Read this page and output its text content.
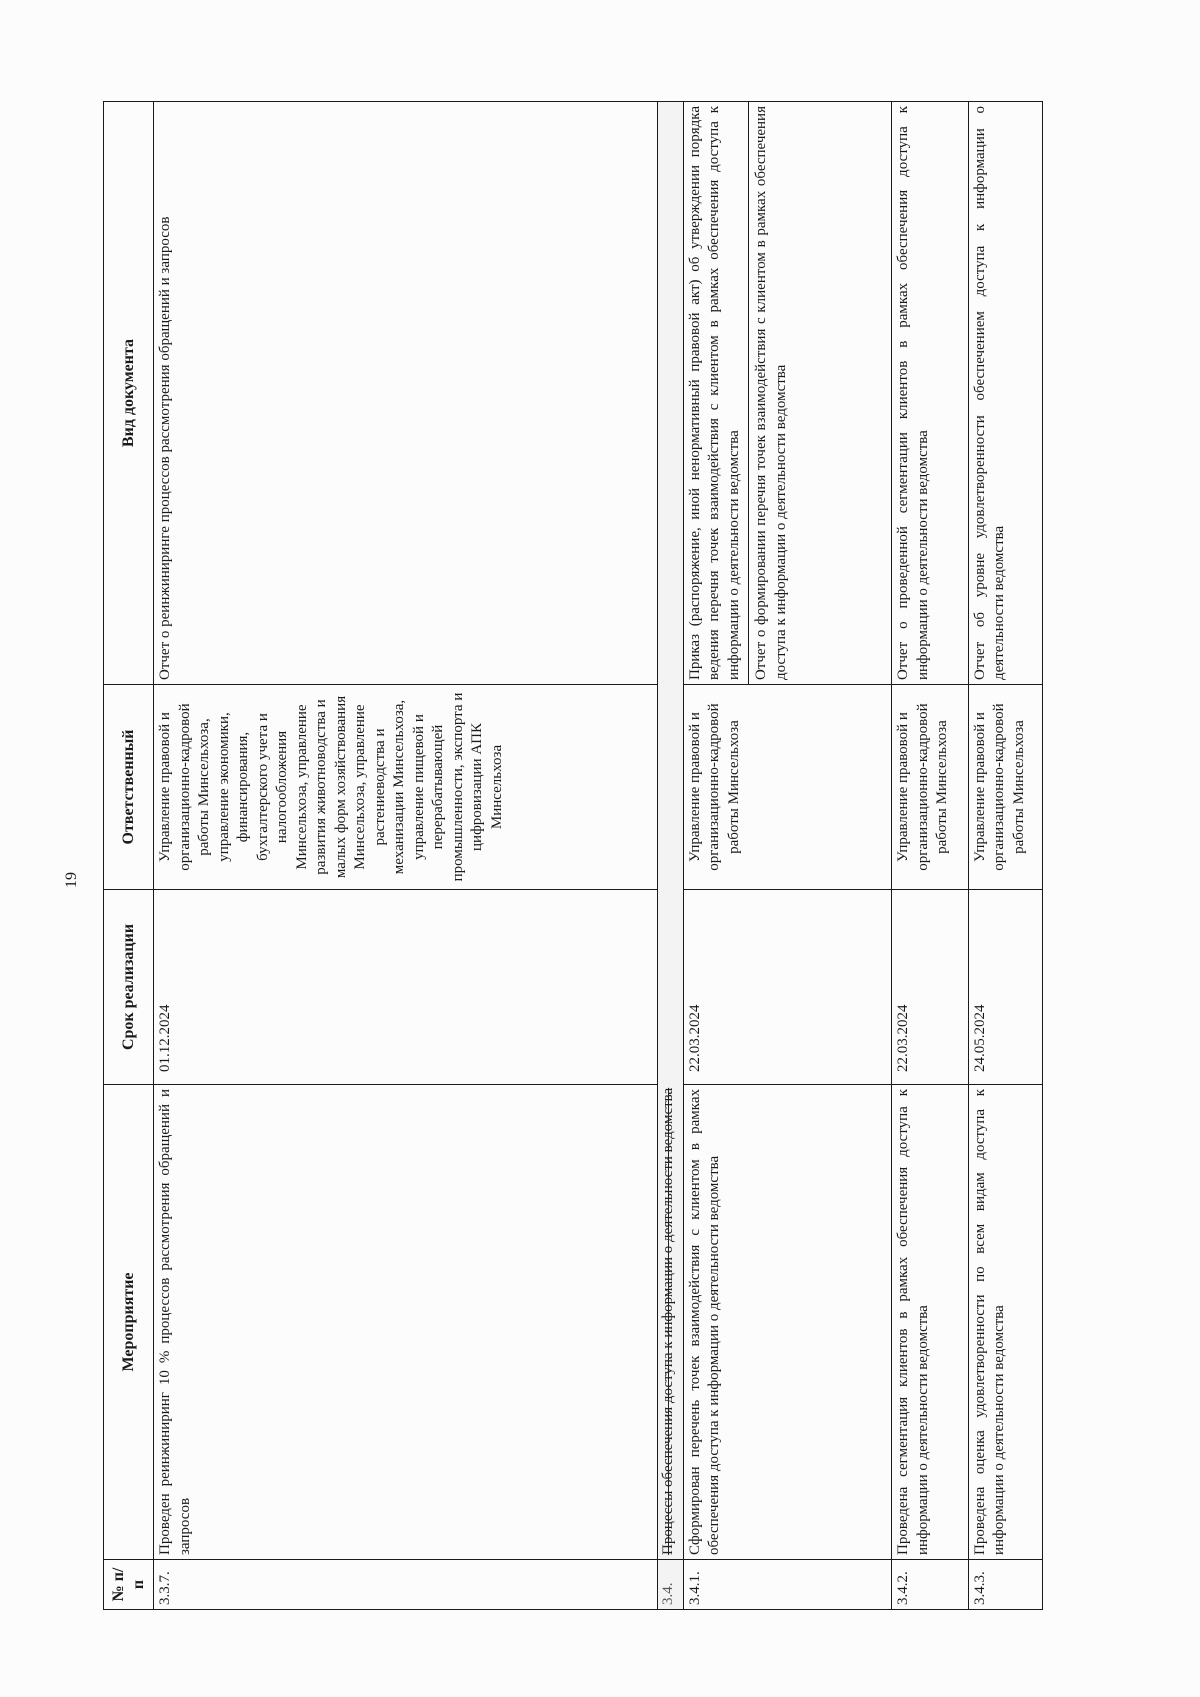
19
№ п/п	Мероприятие	Срок реализации	Ответственный	Вид документа
3.3.7.	Проведен реинжиниринг 10 % процессов рассмотрения обращений и запросов	01.12.2024	Управление правовой и организационно-кадровой работы Минсельхоза, управление экономики, финансирования, бухгалтерского учета и налогообложения Минсельхоза, управление развития животноводства и малых форм хозяйствования Минсельхоза, управление растениеводства и механизации Минсельхоза, управление пищевой и перерабатывающей промышленности, экспорта и цифровизации АПК Минсельхоза	Отчет о реинжиниринге процессов рассмотрения обращений и запросов
3.4.	Процессы обеспечения доступа к информации о деятельности ведомства			
3.4.1.	Сформирован перечень точек взаимодействия с клиентом в рамках обеспечения доступа к информации о деятельности ведомства	22.03.2024	Управление правовой и организационно-кадровой работы Минсельхоза	Приказ (распоряжение, иной ненормативный правовой акт) об утверждении порядка ведения перечня точек взаимодействия с клиентом в рамках обеспечения доступа к информации о деятельности ведомства Отчет о формировании перечня точек взаимодействия с клиентом в рамках обеспечения доступа к информации о деятельности ведомства

3.4.2.	Проведена сегментация клиентов в рамках обеспечения доступа к информации о деятельности ведомства	22.03.2024	Управление правовой и организационно-кадровой работы Минсельхоза	Отчет о проведенной сегментации клиентов в рамках обеспечения доступа к информации о деятельности ведомства
3.4.3.	Проведена оценка удовлетворенности по всем видам доступа к информации о деятельности ведомства	24.05.2024	Управление правовой и организационно-кадровой работы Минсельхоза	Отчет об уровне удовлетворенности обеспечением доступа к информации о деятельности ведомства
